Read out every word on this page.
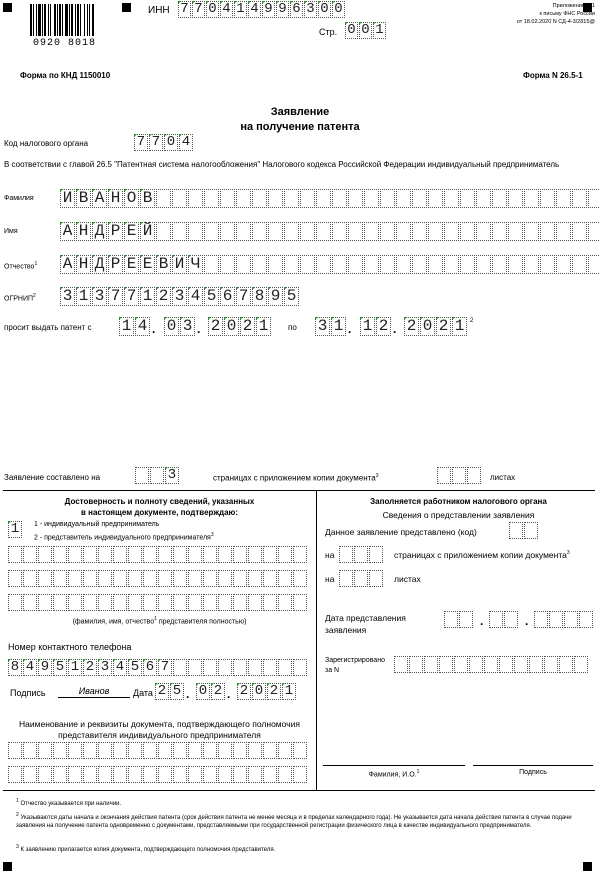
0920 8018
ИНН 7 7 0 4 1 4 9 9 6 3 0 0
Стр. 0 0 1
Приложение N 1
к письму ФНС России
от 18.02.2020 N СД-4-3/2815@
Форма по КНД 1150010	Форма N 26.5-1
Заявление
на получение патента
Код налогового органа	7 7 0 4
В соответствии с главой 26.5 "Патентная система налогообложения" Налогового кодекса Российской Федерации индивидуальный предприниматель
Фамилия И В А Н О В
Имя	А Н Д Р Е Й
Отчество$^1$ А Н Д Р Е Е В И Ч
ОГРНИП$^2$ 3 1 3 7 7 1 2 3 4 5 6 7 8 9 5
просит выдать патент с 1 4 . 0 3 . 2 0 2 1	по 3 1 . 1 2 . 2 0 2 1 2
Заявление составлено на	3	страницах с приложением копии документа$^3$	листах
Достоверность и полноту сведений, указанных
в настоящем документе, подтверждаю:
1	1 - индивидуальный предприниматель
2 - представитель индивидуального предпринимателя$^3$
(фамилия, имя, отчество$^1$ представителя полностью)
Номер контактного телефона
8 4 9 5 1 2 3 4 5 6 7
Подпись	Иванов	Дата 2 5 . 0 2 . 2 0 2 1
Наименование и реквизиты документа, подтверждающего полномочия
представителя индивидуального предпринимателя
Заполняется работником налогового органа
Сведения о представлении заявления
Данное заявление представлено (код)
на	страницах с приложением копии документа$^3$
на	листах
Дата представления
заявления
.	.
Зарегистрировано
за N
Фамилия, И.О.$^1$	Подпись
$^1$ Отчество указывается при наличии.
$^2$ Указываются даты начала и окончания действия патента (срок действия патента не менее месяца и в пределах календарного года). Не указывается дата начала действия патента в случае подачи заявления на получение патента одновременно с документами, представляемыми при государственной регистрации физического лица в качестве индивидуального предпринимателя.
$^3$ К заявлению прилагается копия документа, подтверждающего полномочия представителя.
